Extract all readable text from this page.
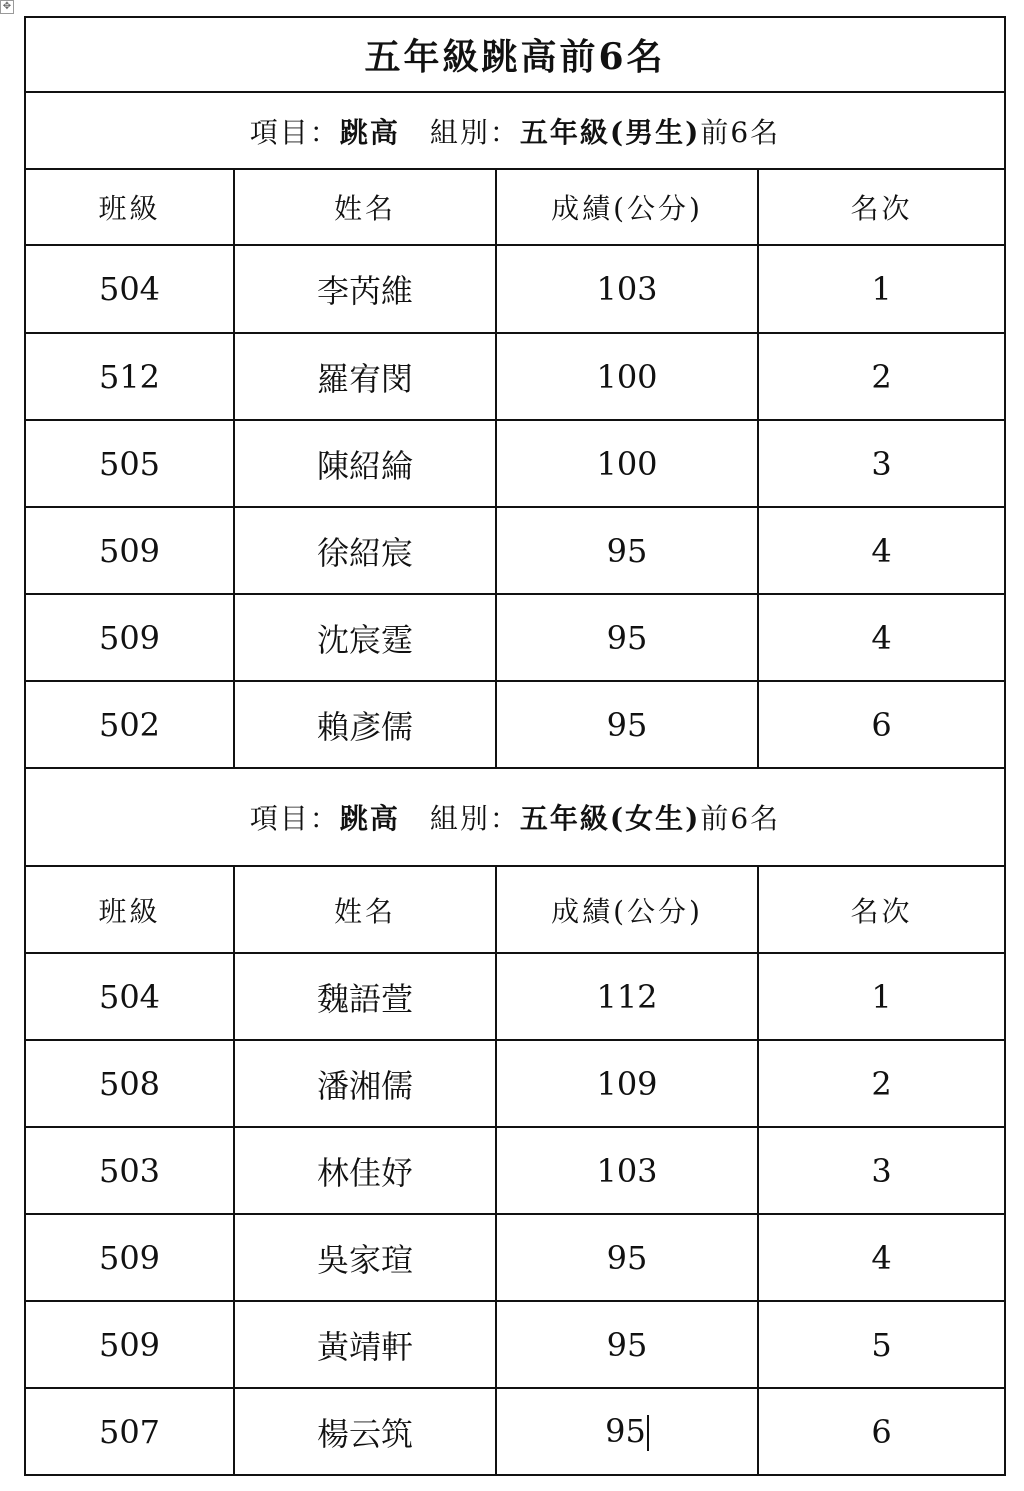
✥
五年級跳高前6名			
項目：跳高　 組別：五年級(男生)前6名			
班級	姓名	成績(公分)	名次
504	李芮維	103	1
512	羅宥閔	100	2
505	陳紹綸	100	3
509	徐紹宸	95	4
509	沈宸霆	95	4
502	賴彥儒	95	6
項目：跳高　 組別：五年級(女生)前6名			
班級	姓名	成績(公分)	名次
504	魏語萱	112	1
508	潘湘儒	109	2
503	林佳妤	103	3
509	吳家瑄	95	4
509	黃靖軒	95	5
507	楊云筑	95	6
